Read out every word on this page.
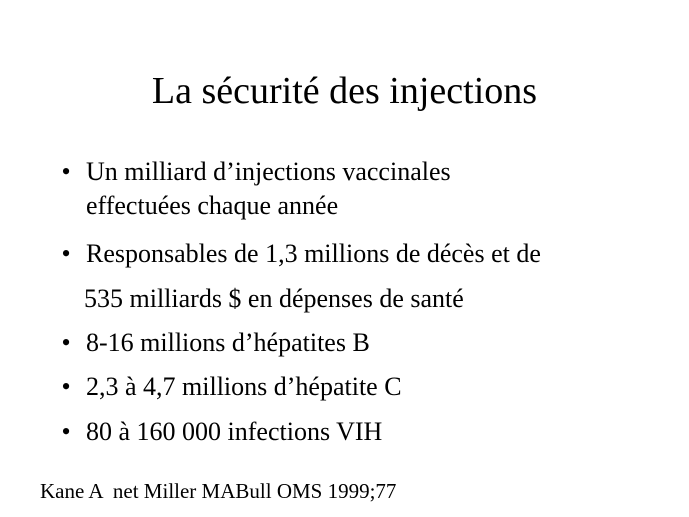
La sécurité des injections
• Un milliard d’injections vaccinales
effectuées chaque année
• Responsables de 1,3 millions de décès et de
535 milliards $ en dépenses de santé
• 8-16 millions d’hépatites B
• 2,3 à 4,7 millions d’hépatite C
• 80 à 160 000 infections VIH
Kane A  net Miller MABull OMS 1999;77
